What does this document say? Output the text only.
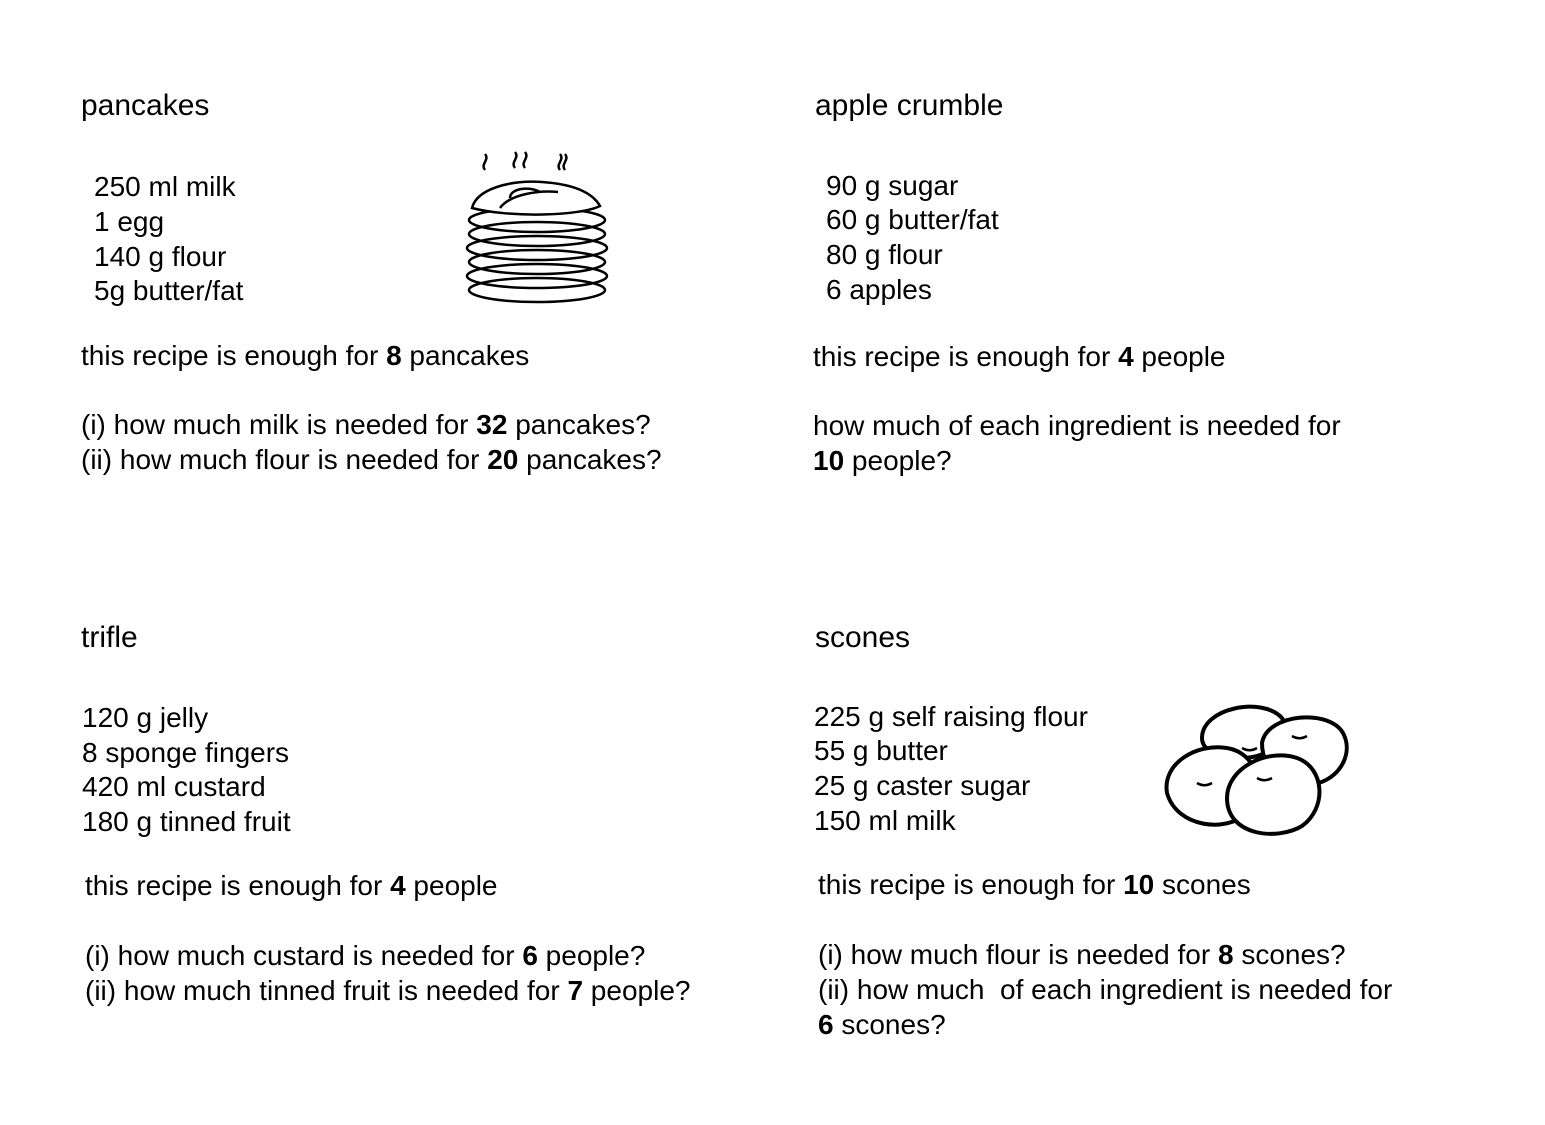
pancakes
250 ml milk
1 egg
140 g flour
5g butter/fat
this recipe is enough for 8 pancakes
(i) how much milk is needed for 32 pancakes?
(ii) how much flour is needed for 20 pancakes?
apple crumble
90 g sugar
60 g butter/fat
80 g flour
6 apples
this recipe is enough for 4 people
how much of each ingredient is needed for
10 people?
trifle
120 g jelly
8 sponge fingers
420 ml custard
180 g tinned fruit
this recipe is enough for 4 people
(i) how much custard is needed for 6 people?
(ii) how much tinned fruit is needed for 7 people?
scones
225 g self raising flour
55 g butter
25 g caster sugar
150 ml milk
this recipe is enough for 10 scones
(i) how much flour is needed for 8 scones?
(ii) how much  of each ingredient is needed for
6 scones?
